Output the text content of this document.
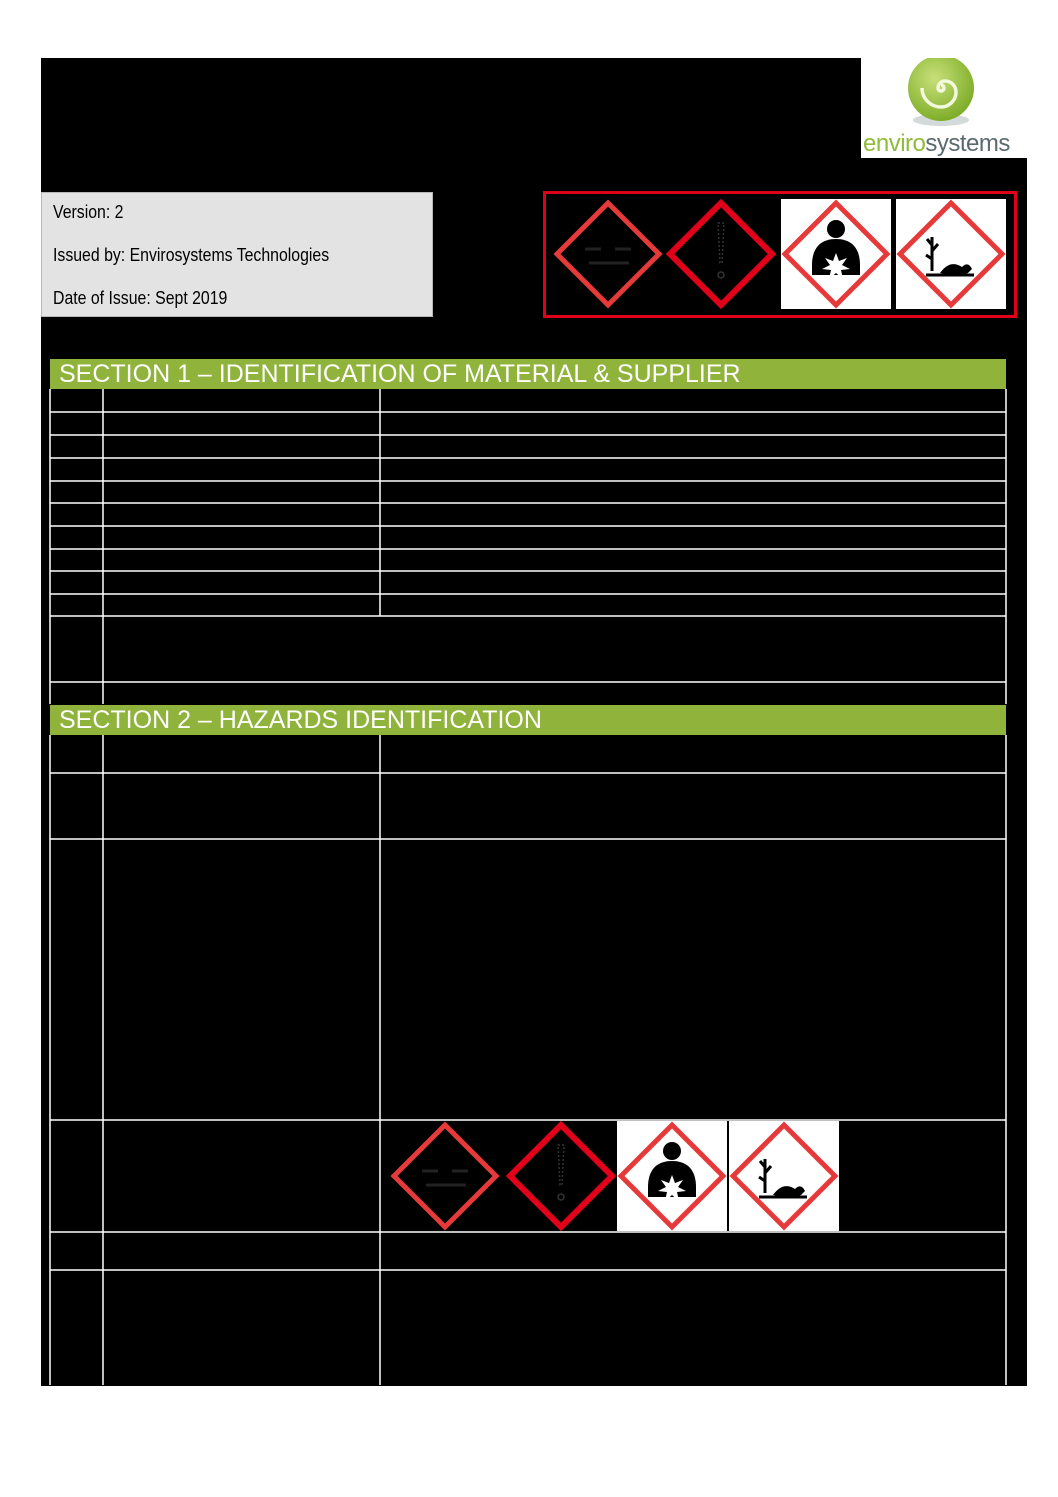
envirosystems
Version: 2
Issued by: Envirosystems Technologies
Date of Issue: Sept 2019
SECTION 1 – IDENTIFICATION OF MATERIAL & SUPPLIER
SECTION 2 – HAZARDS IDENTIFICATION
